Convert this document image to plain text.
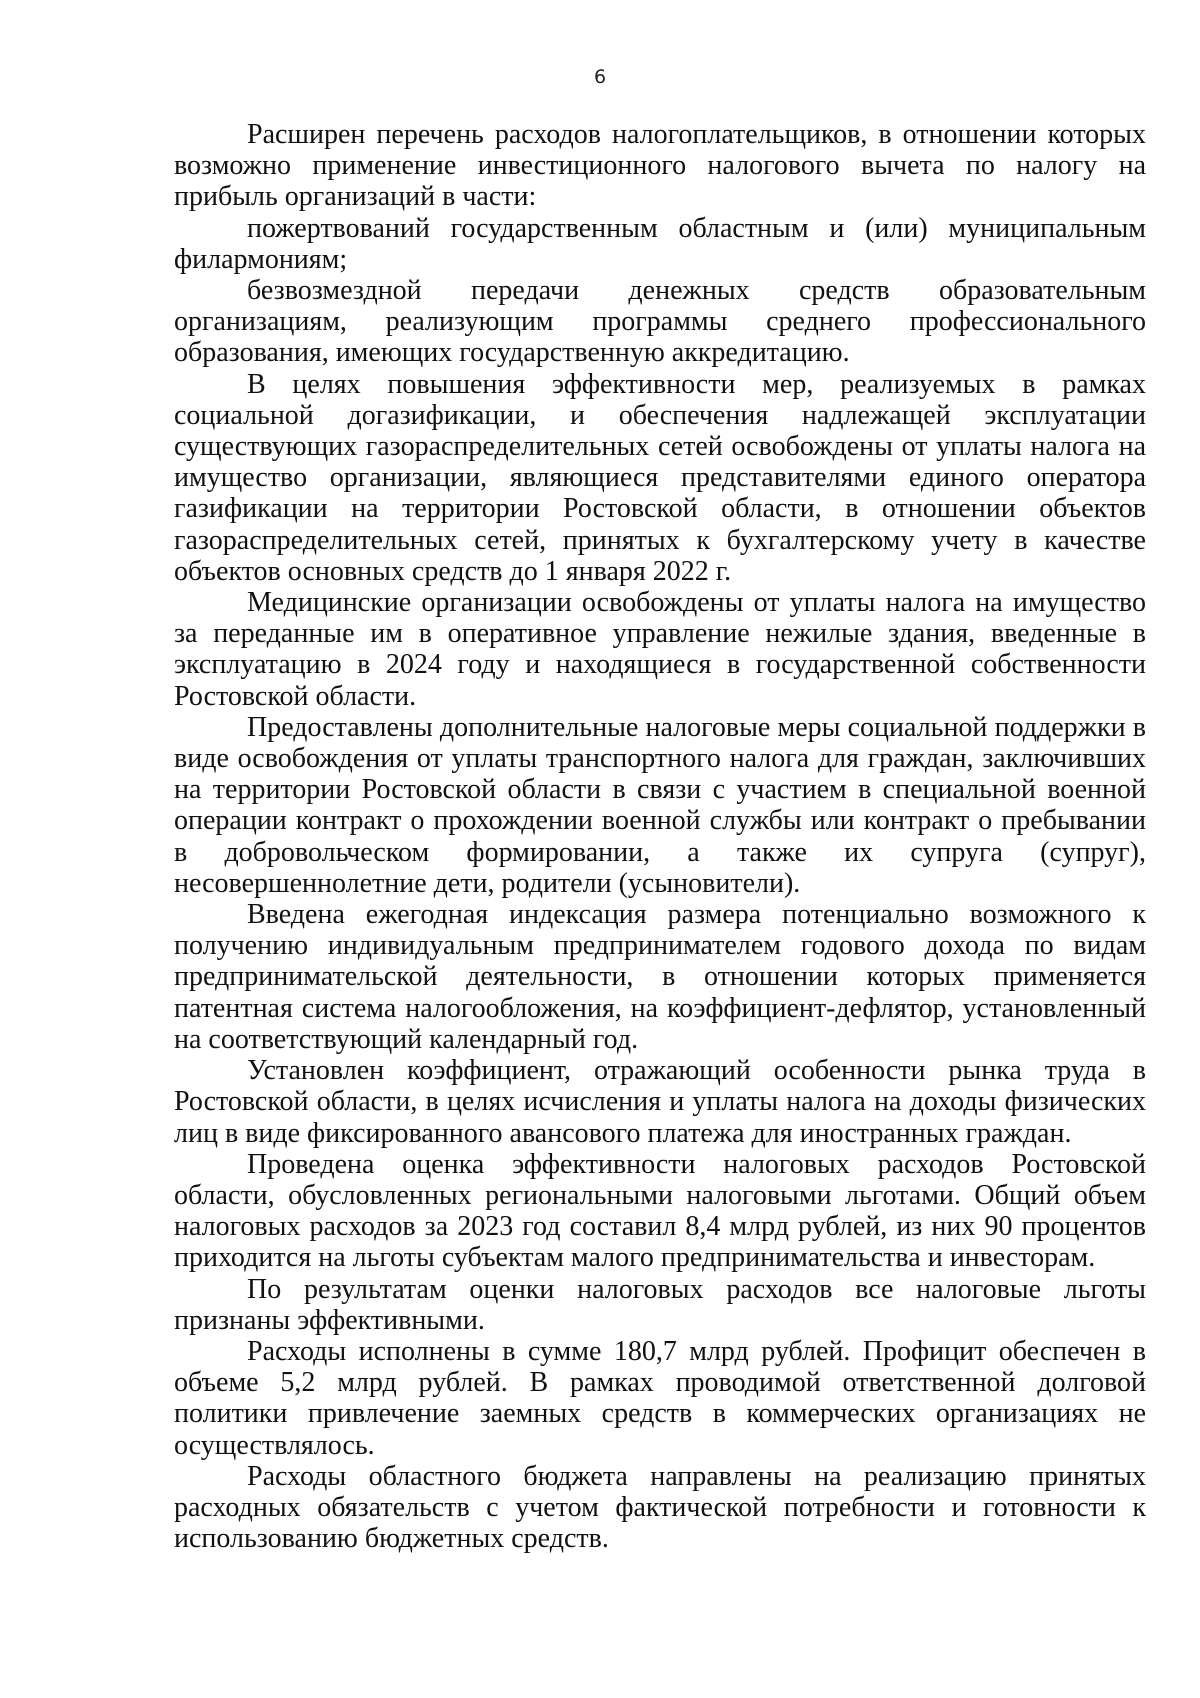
6

Расширен перечень расходов налогоплательщиков, в отношении которых возможно применение инвестиционного налогового вычета по налогу на прибыль организаций в части:

пожертвований государственным областным и (или) муниципальным филармониям;

безвозмездной передачи денежных средств образовательным организациям, реализующим программы среднего профессионального образования, имеющих государственную аккредитацию.

В целях повышения эффективности мер, реализуемых в рамках социальной догазификации, и обеспечения надлежащей эксплуатации существующих газораспределительных сетей освобождены от уплаты налога на имущество организации, являющиеся представителями единого оператора газификации на территории Ростовской области, в отношении объектов газораспределительных сетей, принятых к бухгалтерскому учету в качестве объектов основных средств до 1 января 2022 г.

Медицинские организации освобождены от уплаты налога на имущество за переданные им в оперативное управление нежилые здания, введенные в эксплуатацию в 2024 году и находящиеся в государственной собственности Ростовской области.

Предоставлены дополнительные налоговые меры социальной поддержки в виде освобождения от уплаты транспортного налога для граждан, заключивших на территории Ростовской области в связи с участием в специальной военной операции контракт о прохождении военной службы или контракт о пребывании в добровольческом формировании, а также их супруга (супруг), несовершеннолетние дети, родители (усыновители).

Введена ежегодная индексация размера потенциально возможного к получению индивидуальным предпринимателем годового дохода по видам предпринимательской деятельности, в отношении которых применяется патентная система налогообложения, на коэффициент-дефлятор, установленный на соответствующий календарный год.

Установлен коэффициент, отражающий особенности рынка труда в Ростовской области, в целях исчисления и уплаты налога на доходы физических лиц в виде фиксированного авансового платежа для иностранных граждан.

Проведена оценка эффективности налоговых расходов Ростовской области, обусловленных региональными налоговыми льготами. Общий объем налоговых расходов за 2023 год составил 8,4 млрд рублей, из них 90 процентов приходится на льготы субъектам малого предпринимательства и инвесторам.

По результатам оценки налоговых расходов все налоговые льготы признаны эффективными.

Расходы исполнены в сумме 180,7 млрд рублей. Профицит обеспечен в объеме 5,2 млрд рублей. В рамках проводимой ответственной долговой политики привлечение заемных средств в коммерческих организациях не осуществлялось.

Расходы областного бюджета направлены на реализацию принятых расходных обязательств с учетом фактической потребности и готовности к использованию бюджетных средств.
